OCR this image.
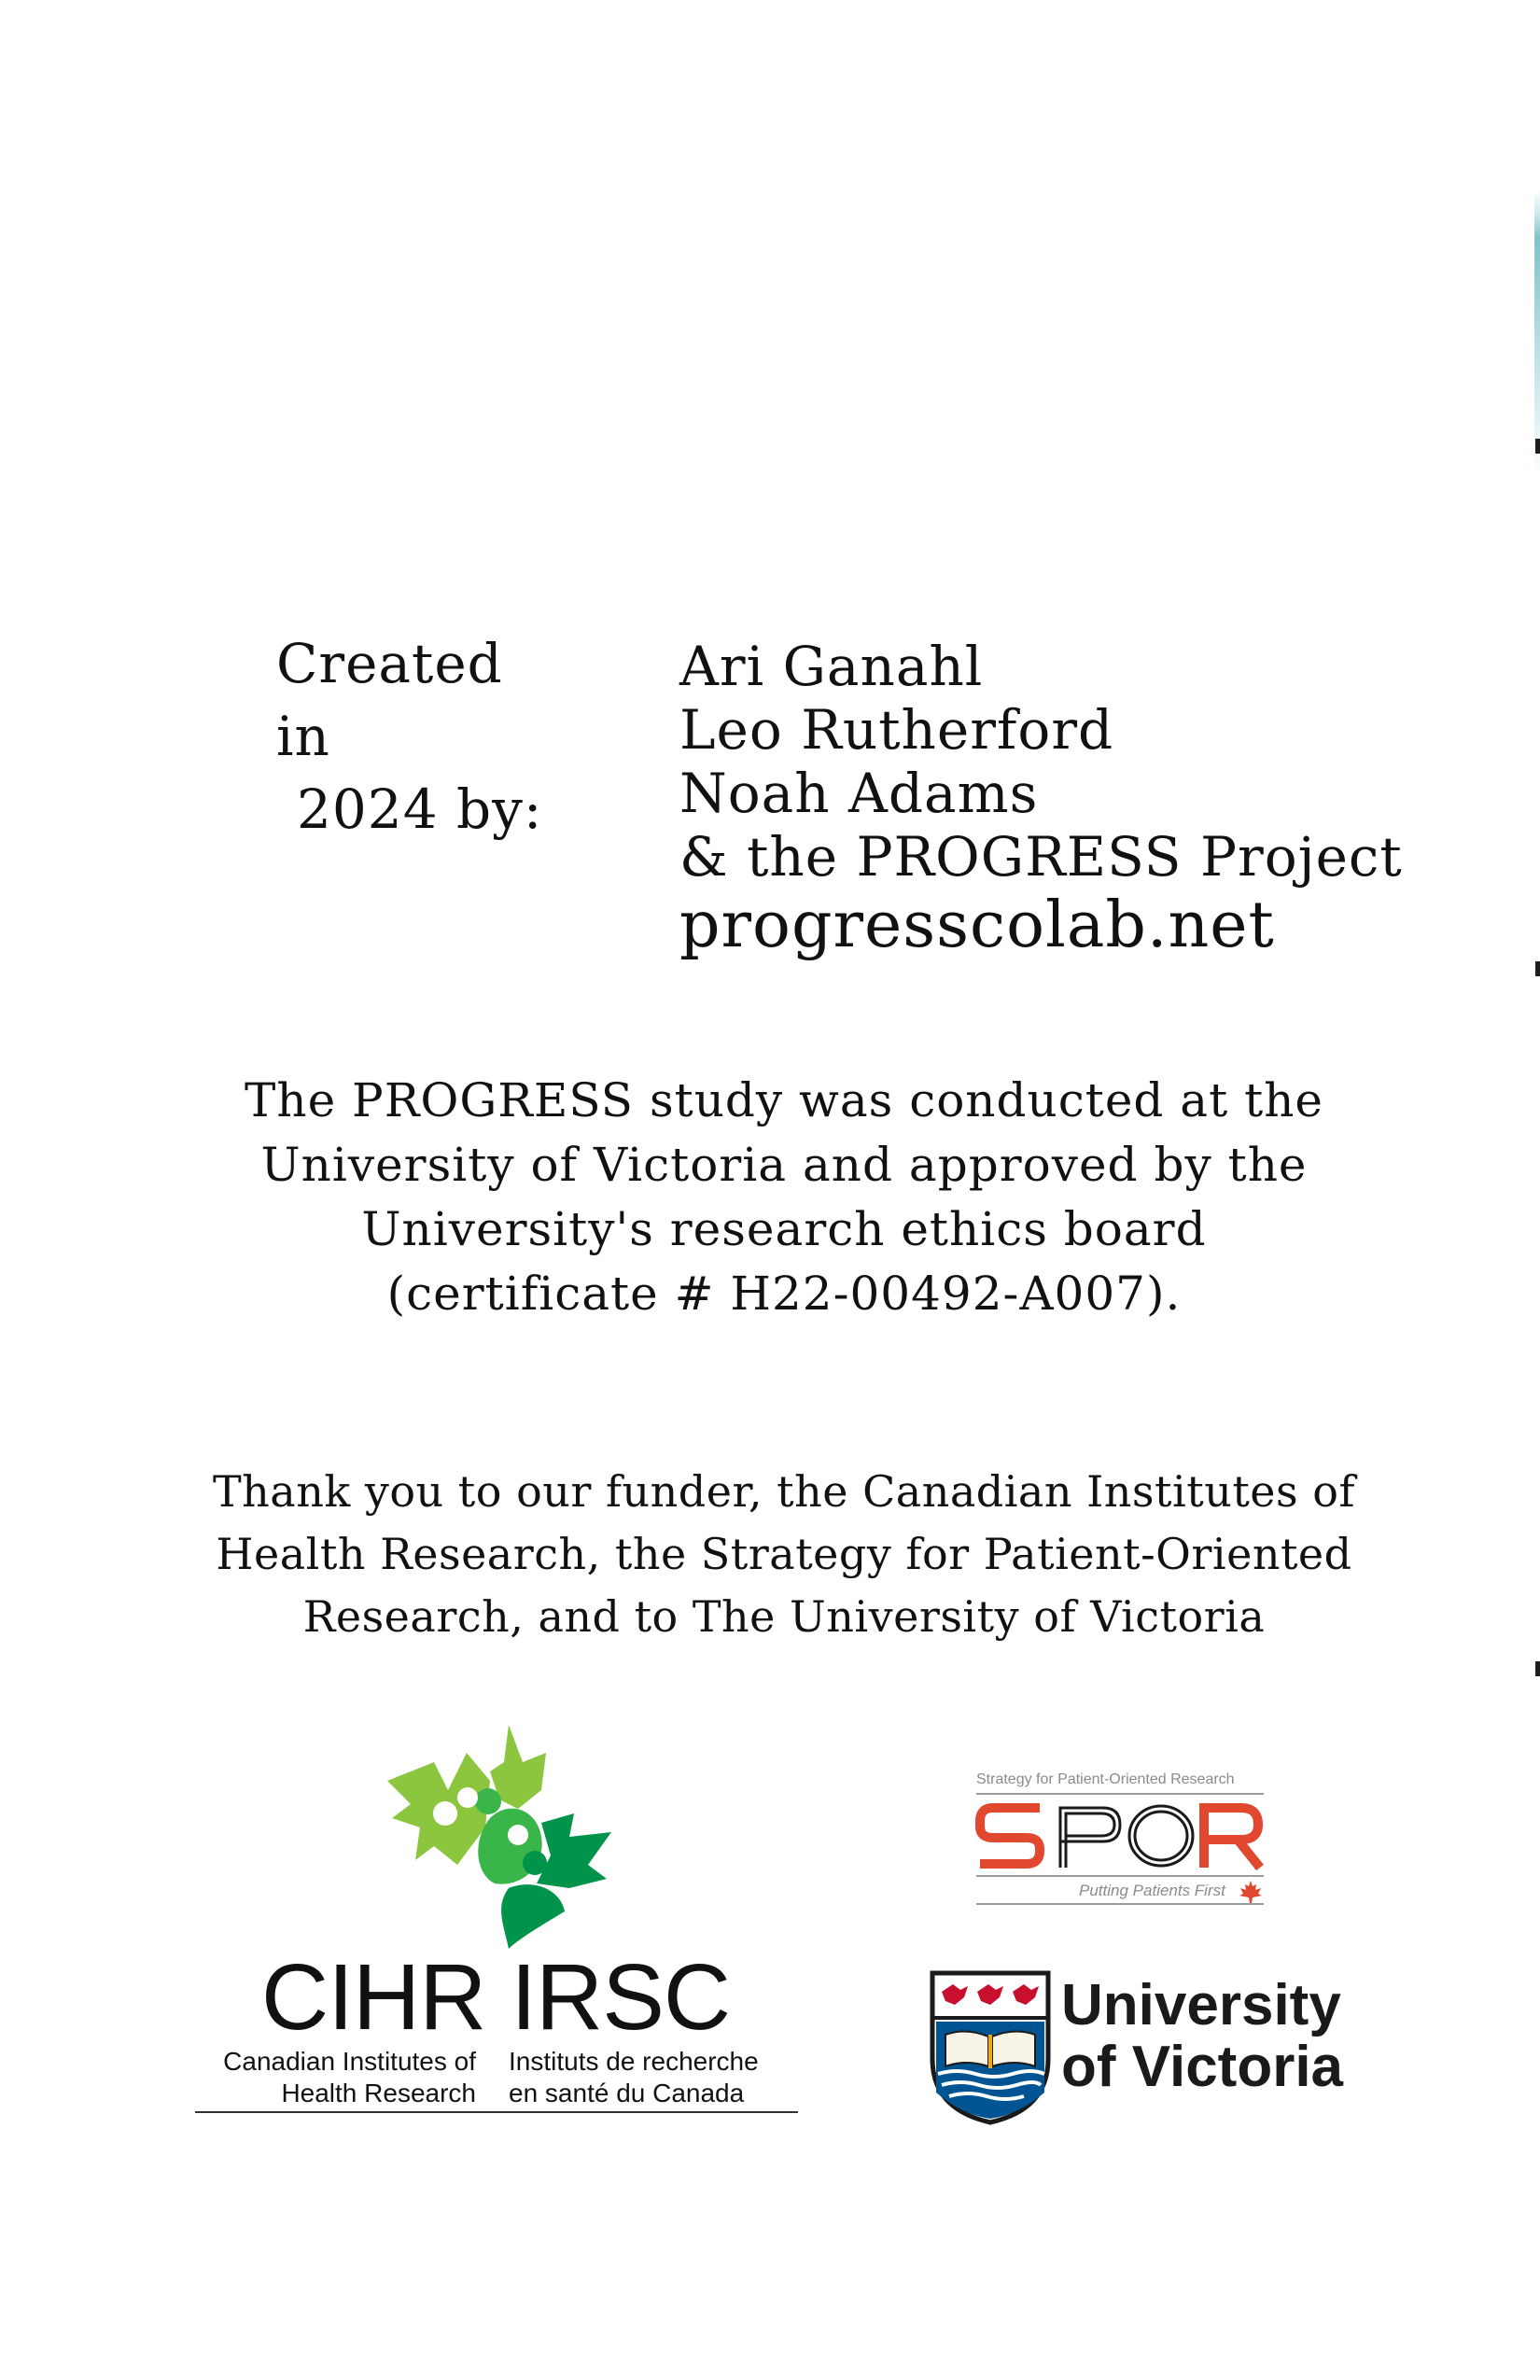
Created in
2024 by:
Ari Ganahl
Leo Rutherford
Noah Adams
& the PROGRESS Project
progresscolab.net
The PROGRESS study was conducted at the
University of Victoria and approved by the
University's research ethics board
(certificate # H22-00492-A007).
Thank you to our funder, the Canadian Institutes of
Health Research, the Strategy for Patient-Oriented
Research, and to The University of Victoria
CIHR IRSC
Canadian Institutes of
Health Research
Instituts de recherche
en santé du Canada
Strategy for Patient-Oriented Research
Putting Patients First
University
of Victoria
